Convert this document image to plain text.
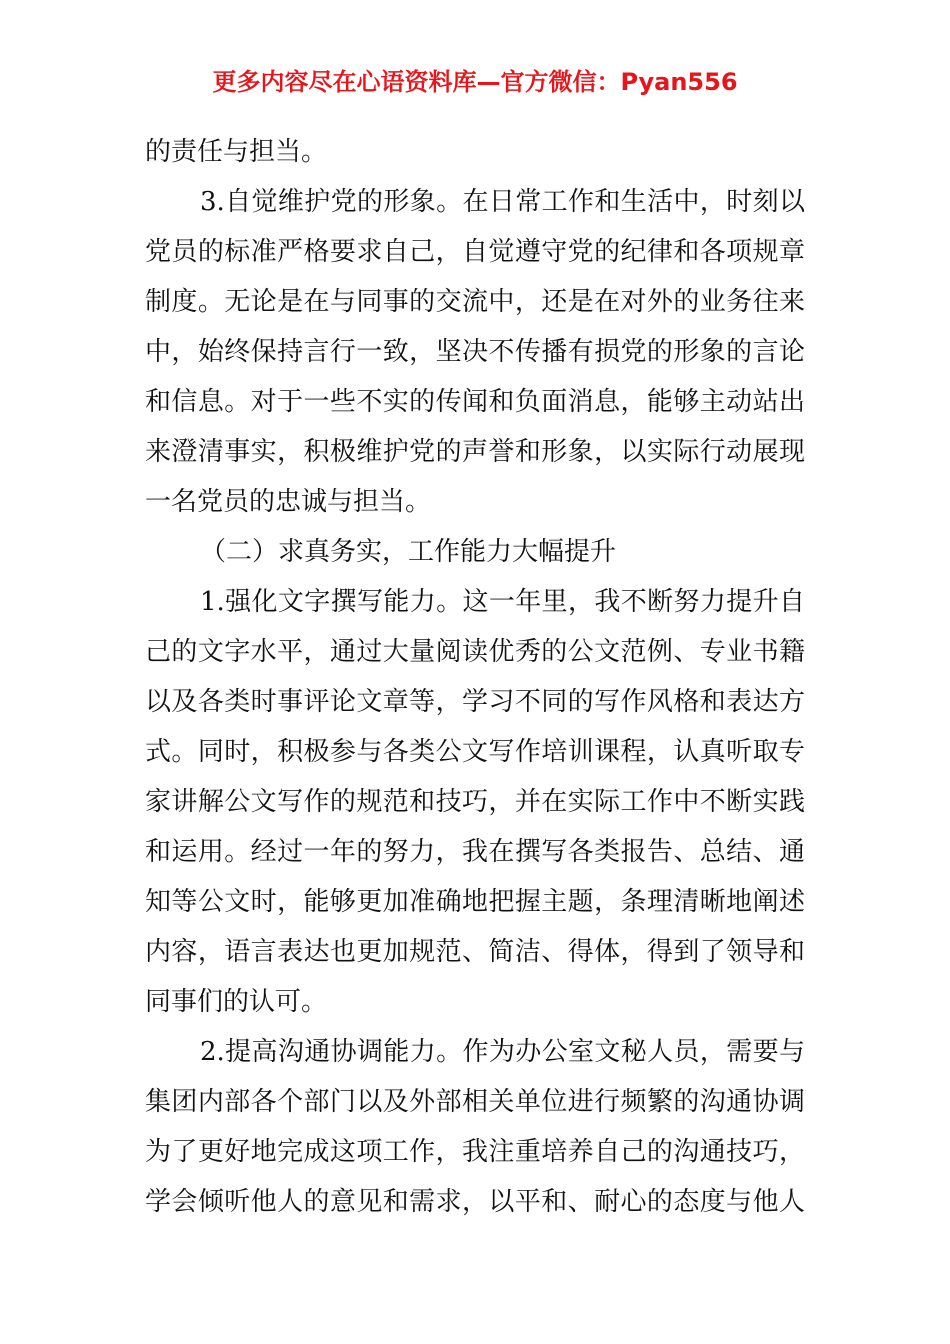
更多内容尽在心语资料库—官方微信：Pyan556
的责任与担当。
3.自觉维护党的形象。在日常工作和生活中，时刻以
党员的标准严格要求自己，自觉遵守党的纪律和各项规章
制度。无论是在与同事的交流中，还是在对外的业务往来
中，始终保持言行一致，坚决不传播有损党的形象的言论
和信息。对于一些不实的传闻和负面消息，能够主动站出
来澄清事实，积极维护党的声誉和形象，以实际行动展现
一名党员的忠诚与担当。
（二）求真务实，工作能力大幅提升
1.强化文字撰写能力。这一年里，我不断努力提升自
己的文字水平，通过大量阅读优秀的公文范例、专业书籍
以及各类时事评论文章等，学习不同的写作风格和表达方
式。同时，积极参与各类公文写作培训课程，认真听取专
家讲解公文写作的规范和技巧，并在实际工作中不断实践
和运用。经过一年的努力，我在撰写各类报告、总结、通
知等公文时，能够更加准确地把握主题，条理清晰地阐述
内容，语言表达也更加规范、简洁、得体，得到了领导和
同事们的认可。
2.提高沟通协调能力。作为办公室文秘人员，需要与
集团内部各个部门以及外部相关单位进行频繁的沟通协调
为了更好地完成这项工作，我注重培养自己的沟通技巧，
学会倾听他人的意见和需求，以平和、耐心的态度与他人
